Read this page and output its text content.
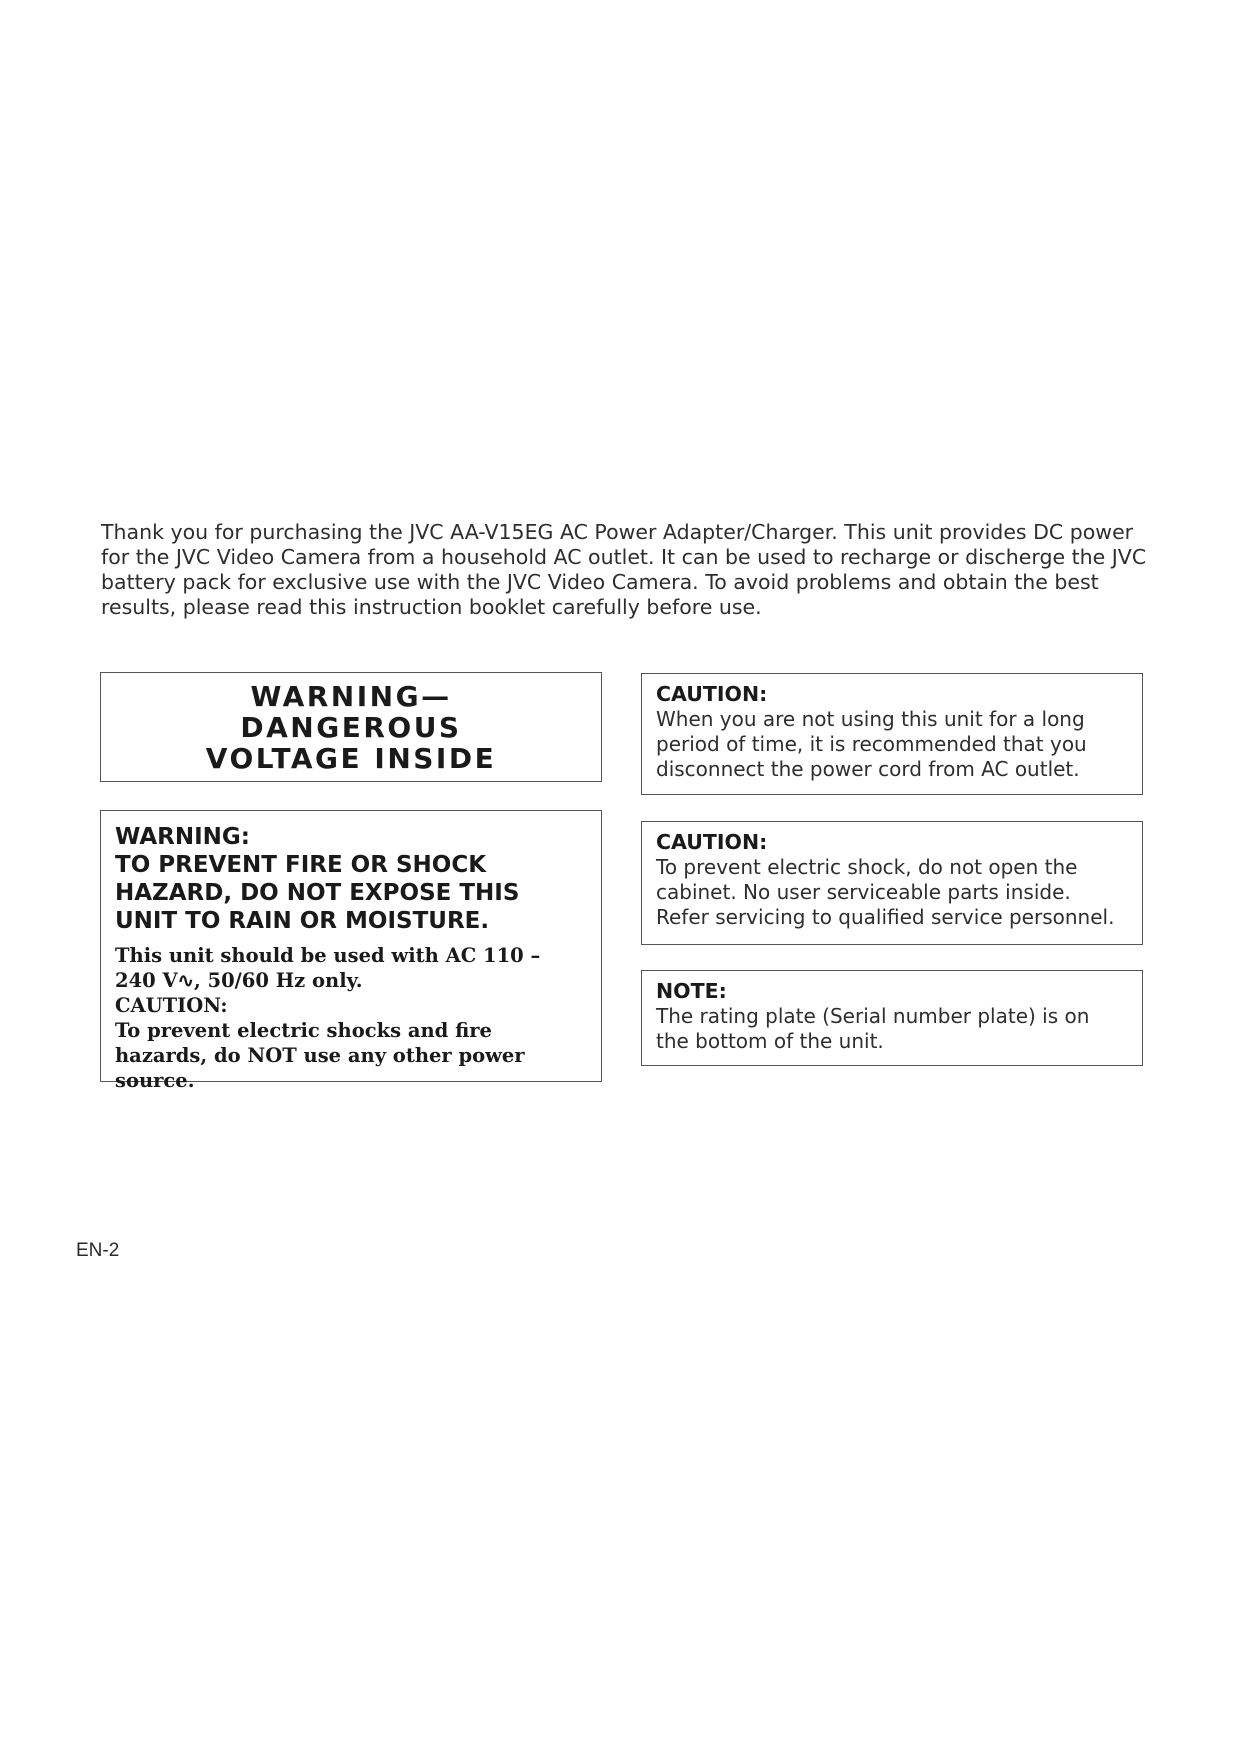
Thank you for purchasing the JVC AA-V15EG AC Power Adapter/Charger. This unit provides DC power for the JVC Video Camera from a household AC outlet. It can be used to recharge or discherge the JVC battery pack for exclusive use with the JVC Video Camera. To avoid problems and obtain the best results, please read this instruction booklet carefully before use.

WARNING—
DANGEROUS
VOLTAGE INSIDE
WARNING:
TO PREVENT FIRE OR SHOCK HAZARD, DO NOT EXPOSE THIS UNIT TO RAIN OR MOISTURE.
This unit should be used with AC 110 – 240 V∿, 50/60 Hz only.
CAUTION:
To prevent electric shocks and fire hazards, do NOT use any other power source.
CAUTION:
When you are not using this unit for a long period of time, it is recommended that you disconnect the power cord from AC outlet.
CAUTION:
To prevent electric shock, do not open the cabinet. No user serviceable parts inside. Refer servicing to qualified service personnel.
NOTE:
The rating plate (Serial number plate) is on the bottom of the unit.
EN-2
